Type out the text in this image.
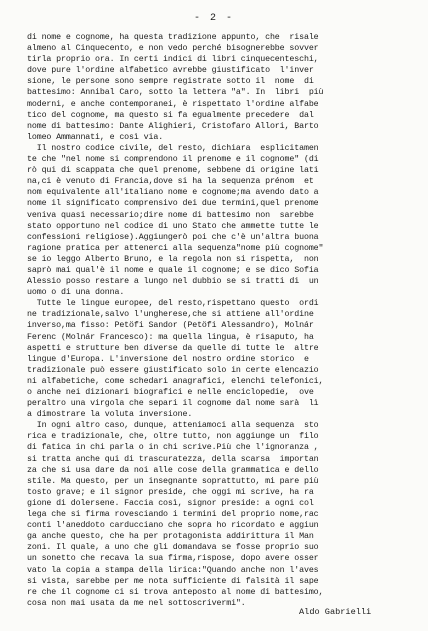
- 2 -
di nome e cognome, ha questa tradizione appunto, che  risale
almeno al Cinquecento, e non vedo perché bisognerebbe sovver
tirla proprio ora. In certi indici di libri cinquecenteschi,
dove pure l'ordine alfabetico avrebbe giustificato  l'inver
sione, le persone sono sempre registrate sotto il  nome  di
battesimo: Annibal Caro, sotto la lettera "a". In  libri  più
moderni, e anche contemporanei, è rispettato l'ordine alfabe
tico del cognome, ma questo si fa egualmente precedere  dal
nome di battesimo: Dante Alighieri, Cristofaro Allori, Barto
lomeo Ammannati, e così via.
Il nostro codice civile, del resto, dichiara  esplicitamen
te che "nel nome si comprendono il prenome e il cognome" (di
rò qui di scappata che quel prenome, sebbene di origine lati
na,ci è venuto di Francia,dove si ha la sequenza prénom  et
nom equivalente all'italiano nome e cognome;ma avendo dato a
nome il significato comprensivo dei due termini,quel prenome
veniva quasi necessario;dire nome di battesimo non  sarebbe
stato opportuno nel codice di uno Stato che ammette tutte le
confessioni religiose).Aggiungerò poi che c'è un'altra buona
ragione pratica per attenerci alla sequenza"nome più cognome"
se io leggo Alberto Bruno, e la regola non si rispetta,  non
saprò mai qual'è il nome e quale il cognome; e se dico Sofia
Alessio posso restare a lungo nel dubbio se si tratti di  un
uomo o di una donna.
Tutte le lingue europee, del resto,rispettano questo  ordi
ne tradizionale,salvo l'ungherese,che si attiene all'ordine
inverso,ma fisso: Petöfi Sandor (Petöfi Alessandro), Molnár
Ferenc (Molnár Francesco): ma quella lingua, è risaputo, ha
aspetti e strutture ben diverse da quelle di tutte le  altre
lingue d'Europa. L'inversione del nostro ordine storico  e
tradizionale può essere giustificato solo in certe elencazio
ni alfabetiche, come schedari anagrafici, elenchi telefonici,
o anche nei dizionari biografici e nelle enciclopedie,  ove
peraltro una virgola che separi il cognome dal nome sarà  lì
a dimostrare la voluta inversione.
In ogni altro caso, dunque, atteniamoci alla sequenza  sto
rica e tradizionale, che, oltre tutto, non aggiunge un  filo
di fatica in chi parla o in chi scrive.Più che l'ignoranza ,
si tratta anche qui di trascuratezza, della scarsa  importan
za che si usa dare da noi alle cose della grammatica e dello
stile. Ma questo, per un insegnante soprattutto, mi pare più
tosto grave; e il signor preside, che oggi mi scrive, ha ra
gione di dolersene. Faccia così, signor preside: a ogni col
lega che si firma rovesciando i termini del proprio nome,rac
conti l'aneddoto carducciano che sopra ho ricordato e aggiun
ga anche questo, che ha per protagonista addirittura il Man
zoni. Il quale, a uno che gli domandava se fosse proprio suo
un sonetto che recava la sua firma,rispose, dopo avere osser
vato la copia a stampa della lirica:"Quando anche non l'aves
si vista, sarebbe per me nota sufficiente di falsità il sape
re che il cognome ci si trova anteposto al nome di battesimo,
cosa non mai usata da me nel sottoscrivermi".
Aldo Gabrielli
